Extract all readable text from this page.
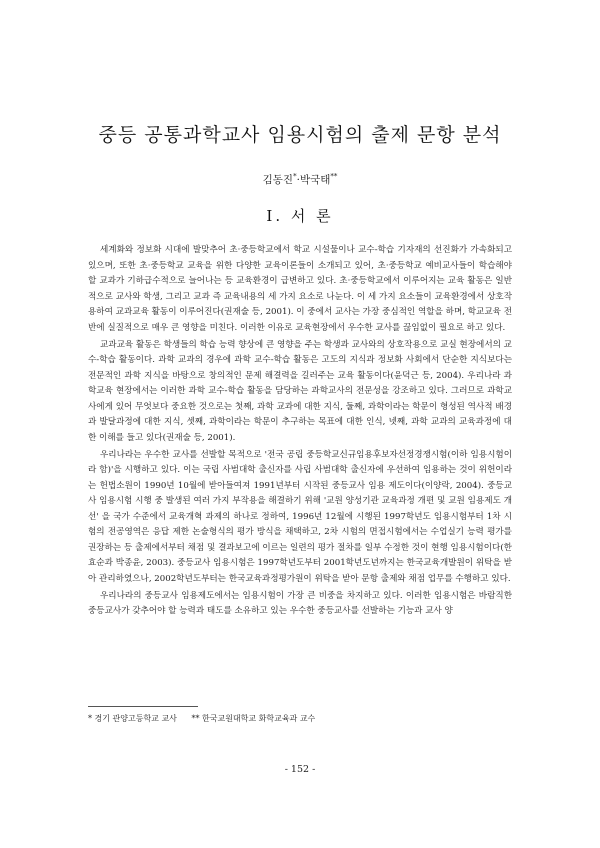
중등 공통과학교사 임용시험의 출제 문항 분석
김동진*·박국태**
Ⅰ. 서 론

세계화와 정보화 시대에 발맞추어 초·중등학교에서 학교 시설물이나 교수-학습 기자재의 선진화가 가속화되고 있으며, 또한 초·중등학교 교육을 위한 다양한 교육이론들이 소개되고 있어, 초·중등학교 예비교사들이 학습해야 할 교과가 기하급수적으로 늘어나는 등 교육환경이 급변하고 있다. 초·중등학교에서 이루어지는 교육 활동은 일반적으로 교사와 학생, 그리고 교과 즉 교육내용의 세 가지 요소로 나눈다. 이 세 가지 요소들이 교육환경에서 상호작용하여 교과교육 활동이 이루어진다(권재술 등, 2001). 이 중에서 교사는 가장 중심적인 역할을 하며, 학교교육 전반에 실질적으로 매우 큰 영향을 미친다. 이러한 이유로 교육현장에서 우수한 교사를 끊임없이 필요로 하고 있다.

교과교육 활동은 학생들의 학습 능력 향상에 큰 영향을 주는 학생과 교사와의 상호작용으로 교실 현장에서의 교수-학습 활동이다. 과학 교과의 경우에 과학 교수-학습 활동은 고도의 지식과 정보화 사회에서 단순한 지식보다는 전문적인 과학 지식을 바탕으로 창의적인 문제 해결력을 길러주는 교육 활동이다(윤덕근 등, 2004). 우리나라 과학교육 현장에서는 이러한 과학 교수-학습 활동을 담당하는 과학교사의 전문성을 강조하고 있다. 그러므로 과학교사에게 있어 무엇보다 중요한 것으로는 첫째, 과학 교과에 대한 지식, 둘째, 과학이라는 학문이 형성된 역사적 배경과 발달과정에 대한 지식, 셋째, 과학이라는 학문이 추구하는 목표에 대한 인식, 넷째, 과학 교과의 교육과정에 대한 이해를 들고 있다(권재술 등, 2001).

우리나라는 우수한 교사를 선발할 목적으로 '전국 공립 중등학교신규임용후보자선정경쟁시험(이하 임용시험이라 함)'을 시행하고 있다. 이는 국립 사범대학 출신자를 사립 사범대학 출신자에 우선하여 임용하는 것이 위헌이라는 헌법소원이 1990년 10월에 받아들여져 1991년부터 시작된 중등교사 임용 제도이다(이양락, 2004). 중등교사 임용시험 시행 중 발생된 여러 가지 부작용을 해결하기 위해 '교원 양성기관 교육과정 개편 및 교원 임용제도 개선' 을 국가 수준에서 교육개혁 과제의 하나로 정하여, 1996년 12월에 시행된 1997학년도 임용시험부터 1차 시험의 전공영역은 응답 제한 논술형식의 평가 방식을 채택하고, 2차 시험의 면접시험에서는 수업실기 능력 평가를 권장하는 등 출제에서부터 채점 및 결과보고에 이르는 일련의 평가 절차를 일부 수정한 것이 현행 임용시험이다(한효순과 박종윤, 2003). 중등교사 임용시험은 1997학년도부터 2001학년도년까지는 한국교육개발원이 위탁을 받아 관리하였으나, 2002학년도부터는 한국교육과정평가원이 위탁을 받아 문항 출제와 채점 업무를 수행하고 있다.

우리나라의 중등교사 임용제도에서는 임용시험이 가장 큰 비중을 차지하고 있다. 이러한 임용시험은 바람직한 중등교사가 갖추어야 할 능력과 태도를 소유하고 있는 우수한 중등교사를 선발하는 기능과 교사 양

* 경기 관양고등학교 교사 ** 한국교원대학교 화학교육과 교수
- 152 -
